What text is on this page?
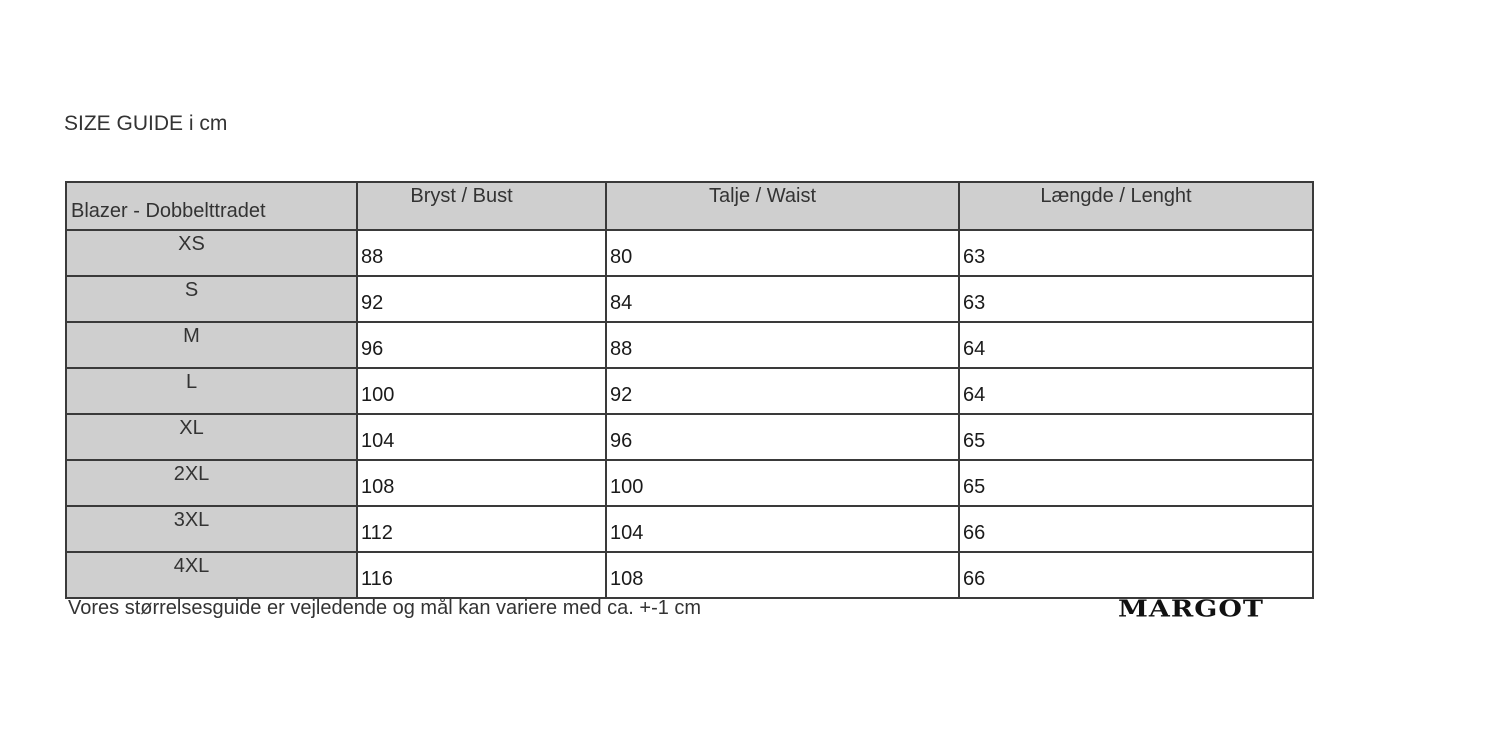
SIZE GUIDE i cm
Blazer - Dobbelttradet	Bryst / Bust	Talje / Waist	Længde / Lenght
XS	88	80	63
S	92	84	63
M	96	88	64
L	100	92	64
XL	104	96	65
2XL	108	100	65
3XL	112	104	66
4XL	116	108	66
Vores størrelsesguide er vejledende og mål kan variere med ca. +-1 cm	MARGOT
